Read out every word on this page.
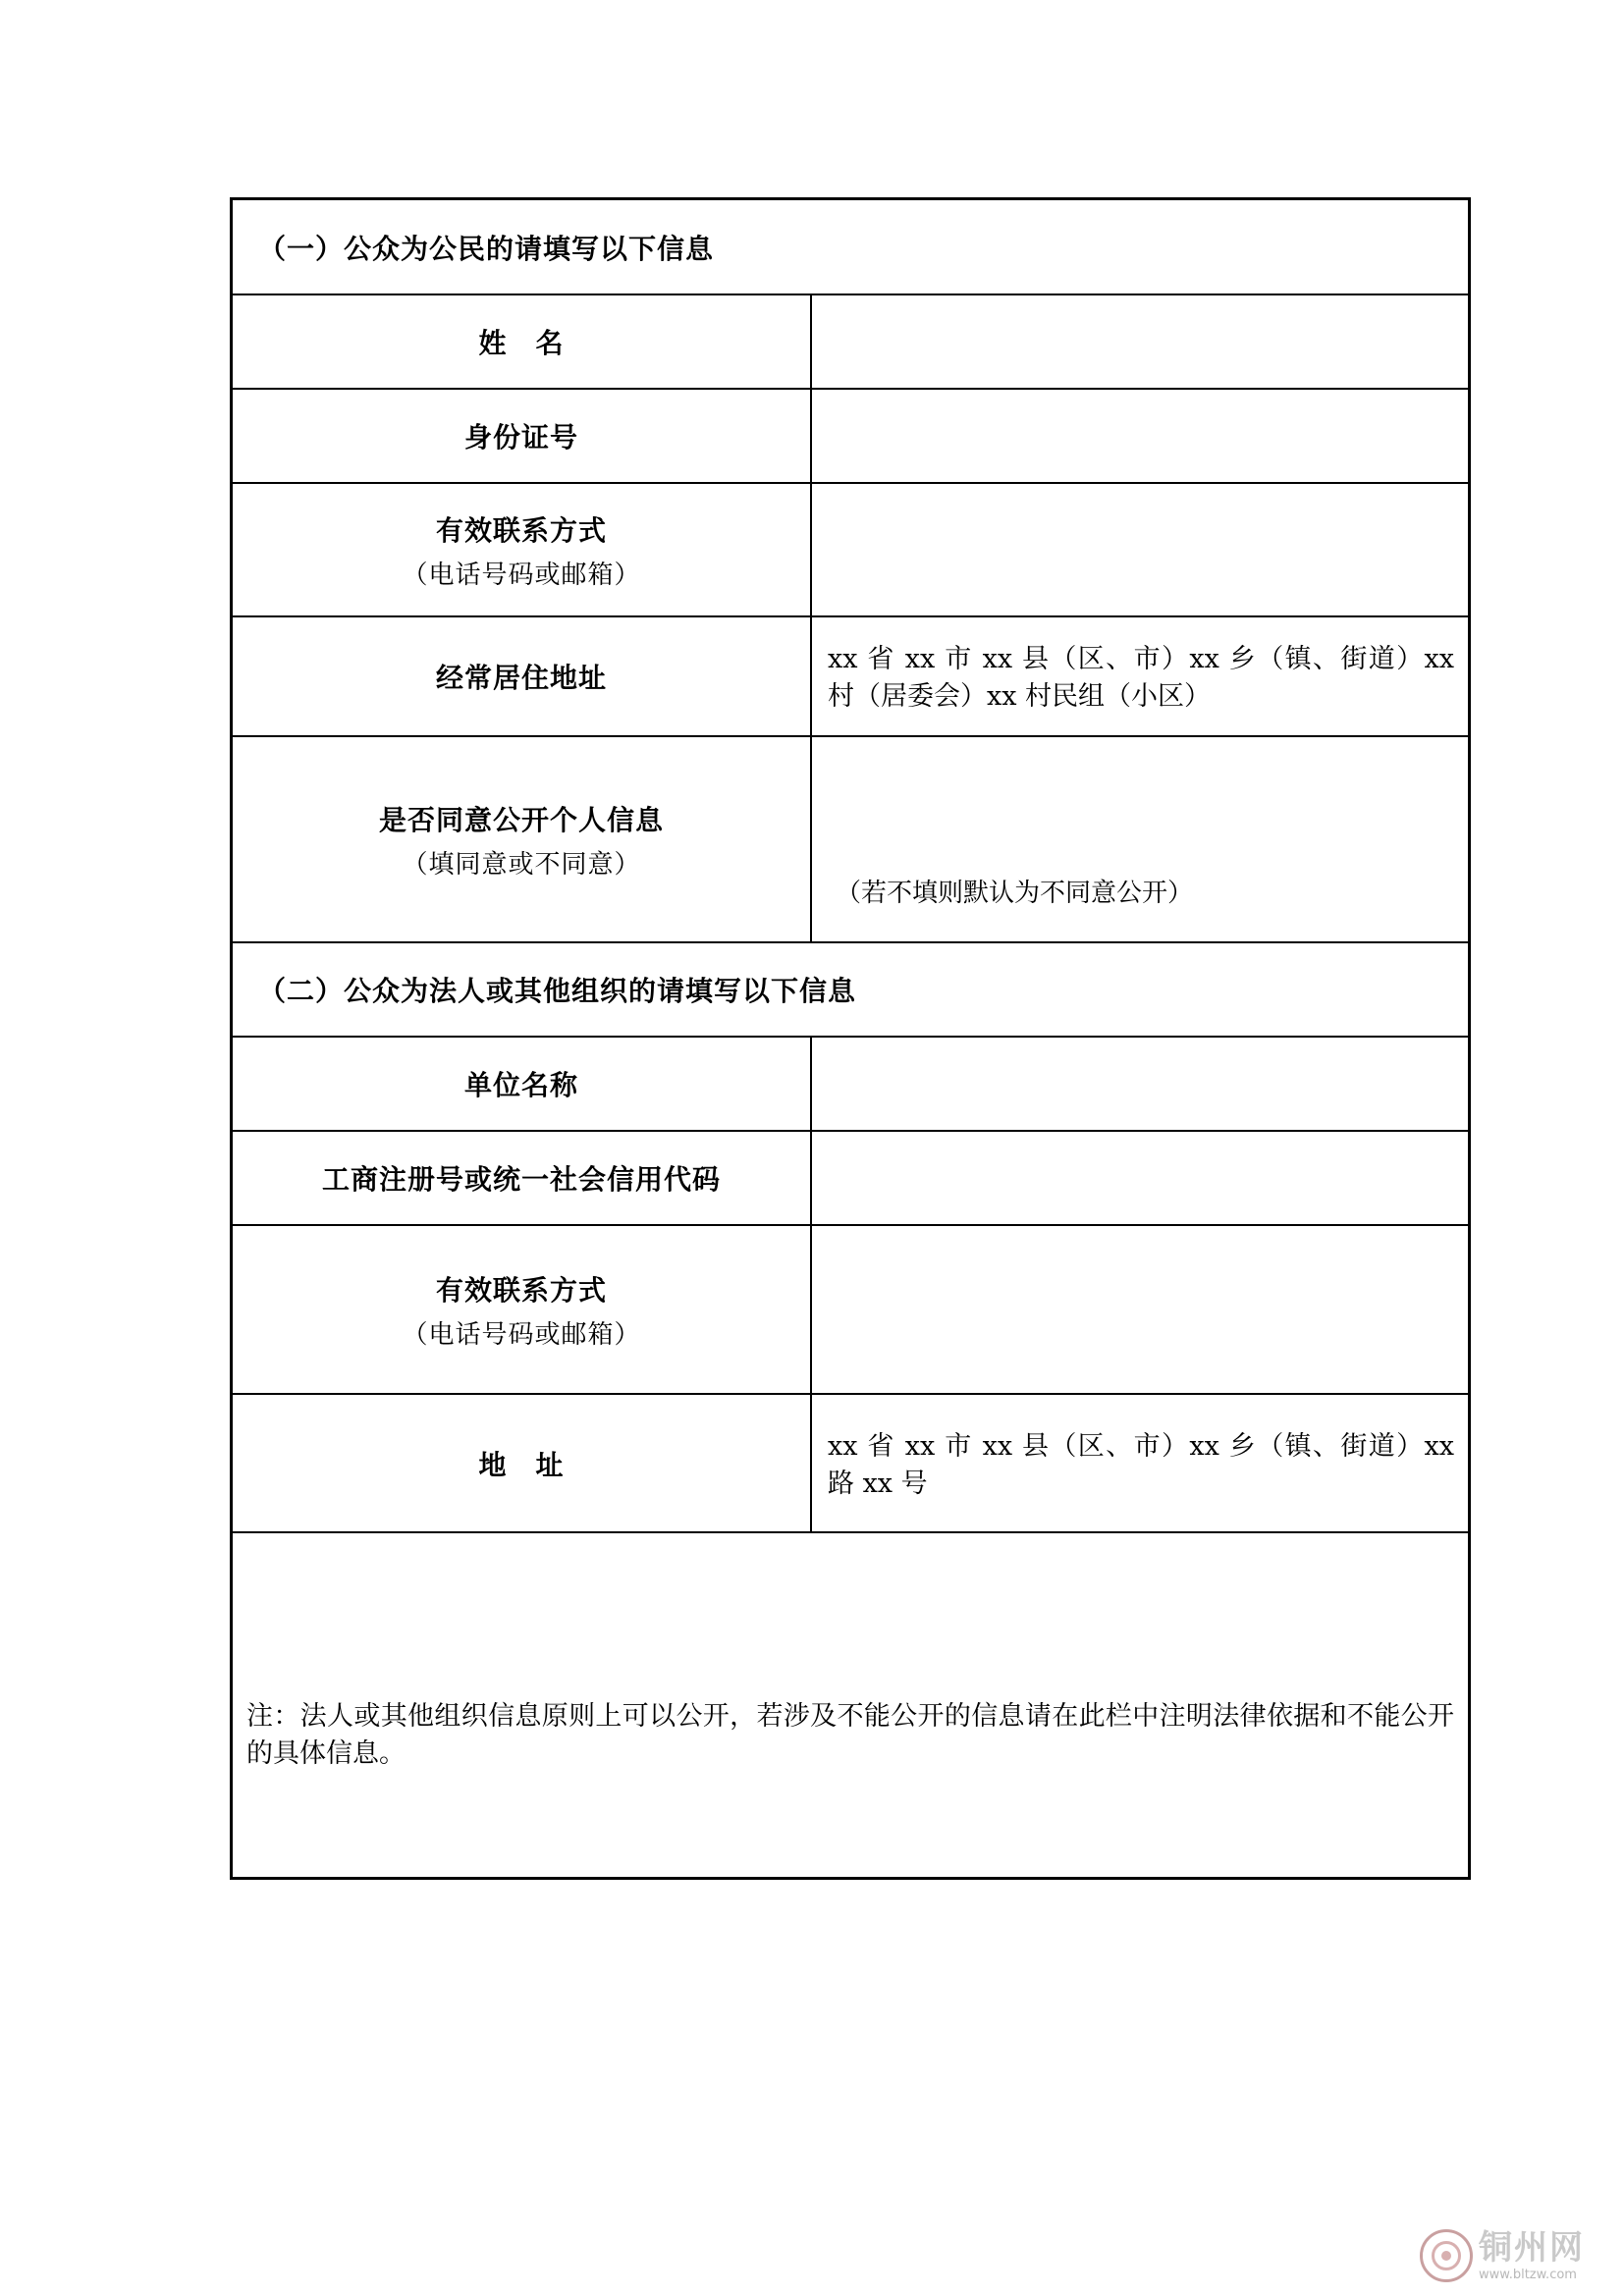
（一）公众为公民的请填写以下信息
姓　名
身份证号
有效联系方式
（电话号码或邮箱）
经常居住地址
xx 省 xx 市 xx 县（区、市）xx 乡（镇、街道）xx 村（居委会）xx 村民组（小区）
是否同意公开个人信息
（填同意或不同意）
（若不填则默认为不同意公开）
（二）公众为法人或其他组织的请填写以下信息
单位名称
工商注册号或统一社会信用代码
有效联系方式
（电话号码或邮箱）
地　址
xx 省 xx 市 xx 县（区、市）xx 乡（镇、街道）xx 路 xx 号
注：法人或其他组织信息原则上可以公开，若涉及不能公开的信息请在此栏中注明法律依据和不能公开的具体信息。
铜州网
www.bltzw.com
